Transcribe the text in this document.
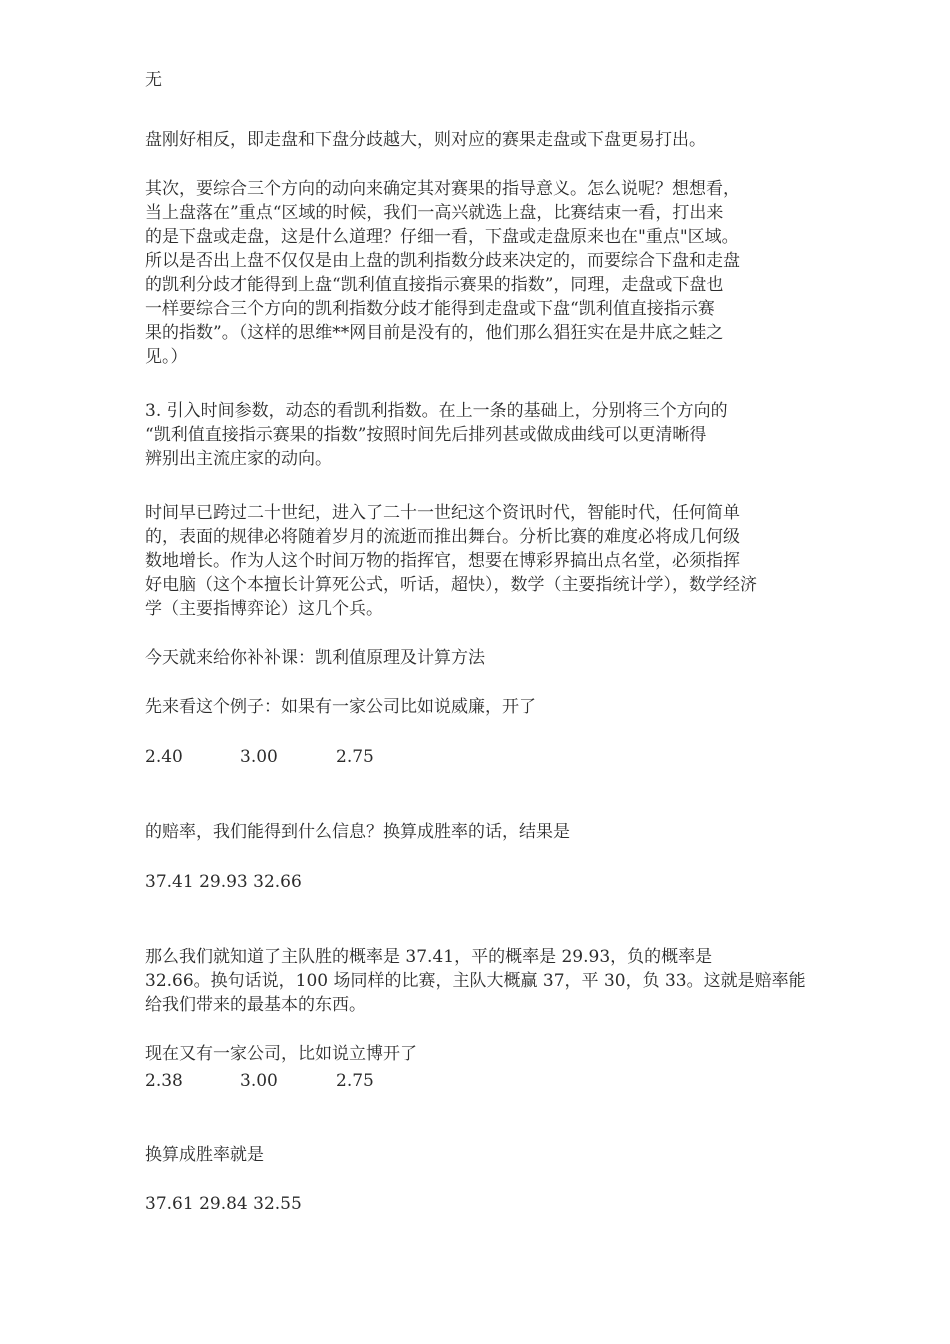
无
盘刚好相反，即走盘和下盘分歧越大，则对应的赛果走盘或下盘更易打出。
其次，要综合三个方向的动向来确定其对赛果的指导意义。怎么说呢？想想看，
当上盘落在”重点“区域的时候，我们一高兴就选上盘，比赛结束一看，打出来
的是下盘或走盘，这是什么道理？仔细一看，下盘或走盘原来也在"重点"区域。
所以是否出上盘不仅仅是由上盘的凯利指数分歧来决定的，而要综合下盘和走盘
的凯利分歧才能得到上盘“凯利值直接指示赛果的指数”，同理，走盘或下盘也
一样要综合三个方向的凯利指数分歧才能得到走盘或下盘“凯利值直接指示赛
果的指数”。（这样的思维**网目前是没有的，他们那么猖狂实在是井底之蛙之
见。）
3. 引入时间参数，动态的看凯利指数。在上一条的基础上，分别将三个方向的
“凯利值直接指示赛果的指数”按照时间先后排列甚或做成曲线可以更清晰得
辨别出主流庄家的动向。
时间早已跨过二十世纪，进入了二十一世纪这个资讯时代，智能时代，任何简单
的，表面的规律必将随着岁月的流逝而推出舞台。分析比赛的难度必将成几何级
数地增长。作为人这个时间万物的指挥官，想要在博彩界搞出点名堂，必须指挥
好电脑（这个本擅长计算死公式，听话，超快），数学（主要指统计学），数学经济
学（主要指博弈论）这几个兵。
今天就来给你补补课：凯利值原理及计算方法
先来看这个例子：如果有一家公司比如说威廉，开了
2.40	3.00	2.75
的赔率，我们能得到什么信息？换算成胜率的话，结果是
37.41 29.93 32.66
那么我们就知道了主队胜的概率是 37.41，平的概率是 29.93，负的概率是
32.66。换句话说，100 场同样的比赛，主队大概赢 37，平 30，负 33。这就是赔率能
给我们带来的最基本的东西。
现在又有一家公司，比如说立博开了
2.38	3.00	2.75
换算成胜率就是
37.61 29.84 32.55
